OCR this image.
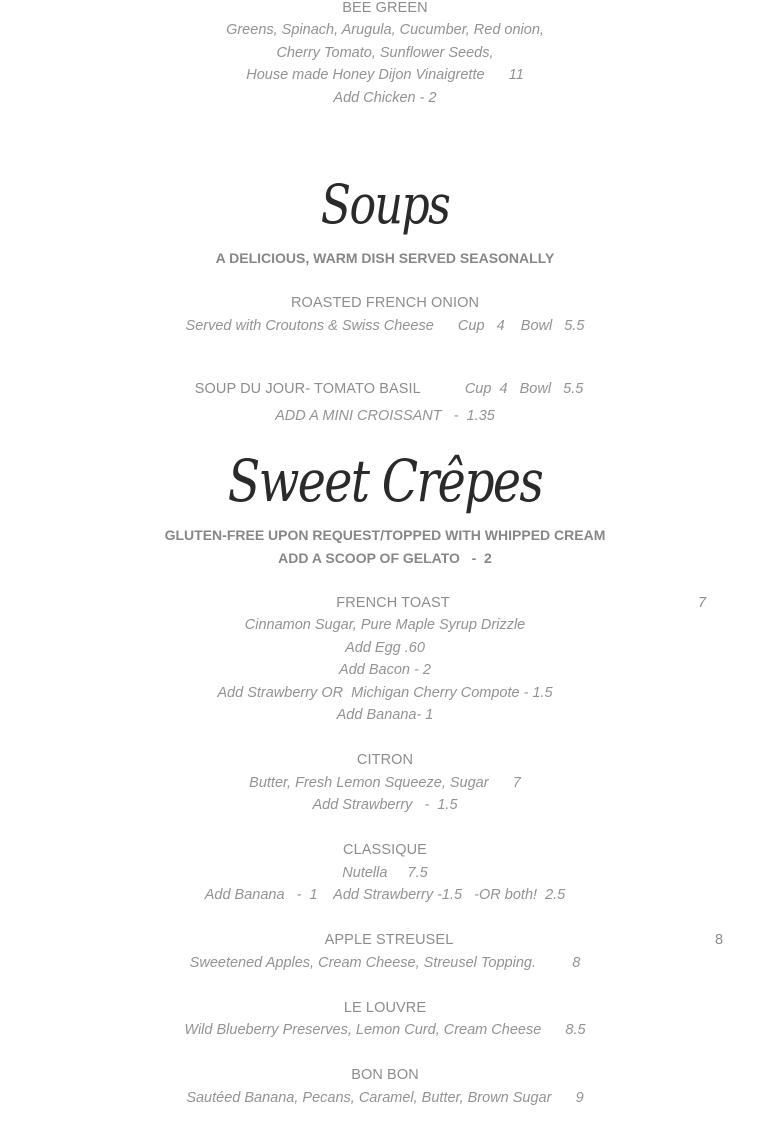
BEE GREEN
Greens, Spinach, Arugula, Cucumber, Red onion,
Cherry Tomato, Sunflower Seeds,
House made Honey Dijon Vinaigrette      11
Add Chicken - 2
Soups
A DELICIOUS, WARM DISH SERVED SEASONALLY
ROASTED FRENCH ONION
Served with Croutons & Swiss Cheese      Cup   4    Bowl   5.5

SOUP DU JOUR- TOMATO BASIL	Cup  4   Bowl   5.5

ADD A MINI CROISSANT   -  1.35
Sweet Crêpes
GLUTEN-FREE UPON REQUEST/TOPPED WITH WHIPPED CREAM
ADD A SCOOP OF GELATO   -  2
FRENCH TOAST	7
Cinnamon Sugar, Pure Maple Syrup Drizzle
Add Egg .60
Add Bacon - 2
Add Strawberry OR  Michigan Cherry Compote - 1.5
Add Banana- 1
CITRON
Butter, Fresh Lemon Squeeze, Sugar      7
Add Strawberry   -  1.5
CLASSIQUE
Nutella     7.5
Add Banana   -  1    Add Strawberry -1.5   -OR both!  2.5
APPLE STREUSEL	8
Sweetened Apples, Cream Cheese, Streusel Topping.         8
LE LOUVRE
Wild Blueberry Preserves, Lemon Curd, Cream Cheese      8.5
BON BON
Sautéed Banana, Pecans, Caramel, Butter, Brown Sugar      9
